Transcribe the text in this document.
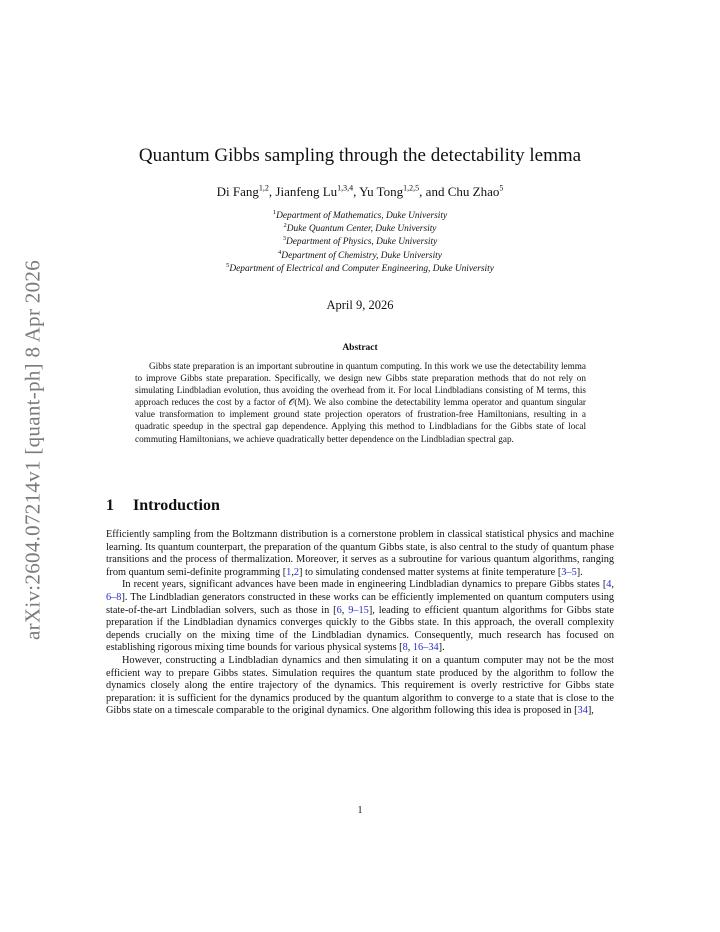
arXiv:2604.07214v1 [quant-ph] 8 Apr 2026
Quantum Gibbs sampling through the detectability lemma
Di Fang$^{1,2}$, Jianfeng Lu$^{1,3,4}$, Yu Tong$^{1,2,5}$, and Chu Zhao$^5$
$^1$Department of Mathematics, Duke University
$^2$Duke Quantum Center, Duke University
$^3$Department of Physics, Duke University
$^4$Department of Chemistry, Duke University
$^5$Department of Electrical and Computer Engineering, Duke University
April 9, 2026
Abstract
Gibbs state preparation is an important subroutine in quantum computing. In this work we use the detectability lemma to improve Gibbs state preparation. Specifically, we design new Gibbs state preparation methods that do not rely on simulating Lindbladian evolution, thus avoiding the overhead from it. For local Lindbladians consisting of M terms, this approach reduces the cost by a factor of 𝒪(M). We also combine the detectability lemma operator and quantum singular value transformation to implement ground state projection operators of frustration-free Hamiltonians, resulting in a quadratic speedup in the spectral gap dependence. Applying this method to Lindbladians for the Gibbs state of local commuting Hamiltonians, we achieve quadratically better dependence on the Lindbladian spectral gap.
1 Introduction

Efficiently sampling from the Boltzmann distribution is a cornerstone problem in classical statistical physics and machine learning. Its quantum counterpart, the preparation of the quantum Gibbs state, is also central to the study of quantum phase transitions and the process of thermalization. Moreover, it serves as a subroutine for various quantum algorithms, ranging from quantum semi-definite programming [1,2] to simulating condensed matter systems at finite temperature [3–5].

In recent years, significant advances have been made in engineering Lindbladian dynamics to prepare Gibbs states [4, 6–8]. The Lindbladian generators constructed in these works can be efficiently implemented on quantum computers using state-of-the-art Lindbladian solvers, such as those in [6, 9–15], leading to efficient quantum algorithms for Gibbs state preparation if the Lindbladian dynamics converges quickly to the Gibbs state. In this approach, the overall complexity depends crucially on the mixing time of the Lindbladian dynamics. Consequently, much research has focused on establishing rigorous mixing time bounds for various physical systems [8, 16–34].

However, constructing a Lindbladian dynamics and then simulating it on a quantum computer may not be the most efficient way to prepare Gibbs states. Simulation requires the quantum state produced by the algorithm to follow the dynamics closely along the entire trajectory of the dynamics. This requirement is overly restrictive for Gibbs state preparation: it is sufficient for the dynamics produced by the quantum algorithm to converge to a state that is close to the Gibbs state on a timescale comparable to the original dynamics. One algorithm following this idea is proposed in [34],

1
